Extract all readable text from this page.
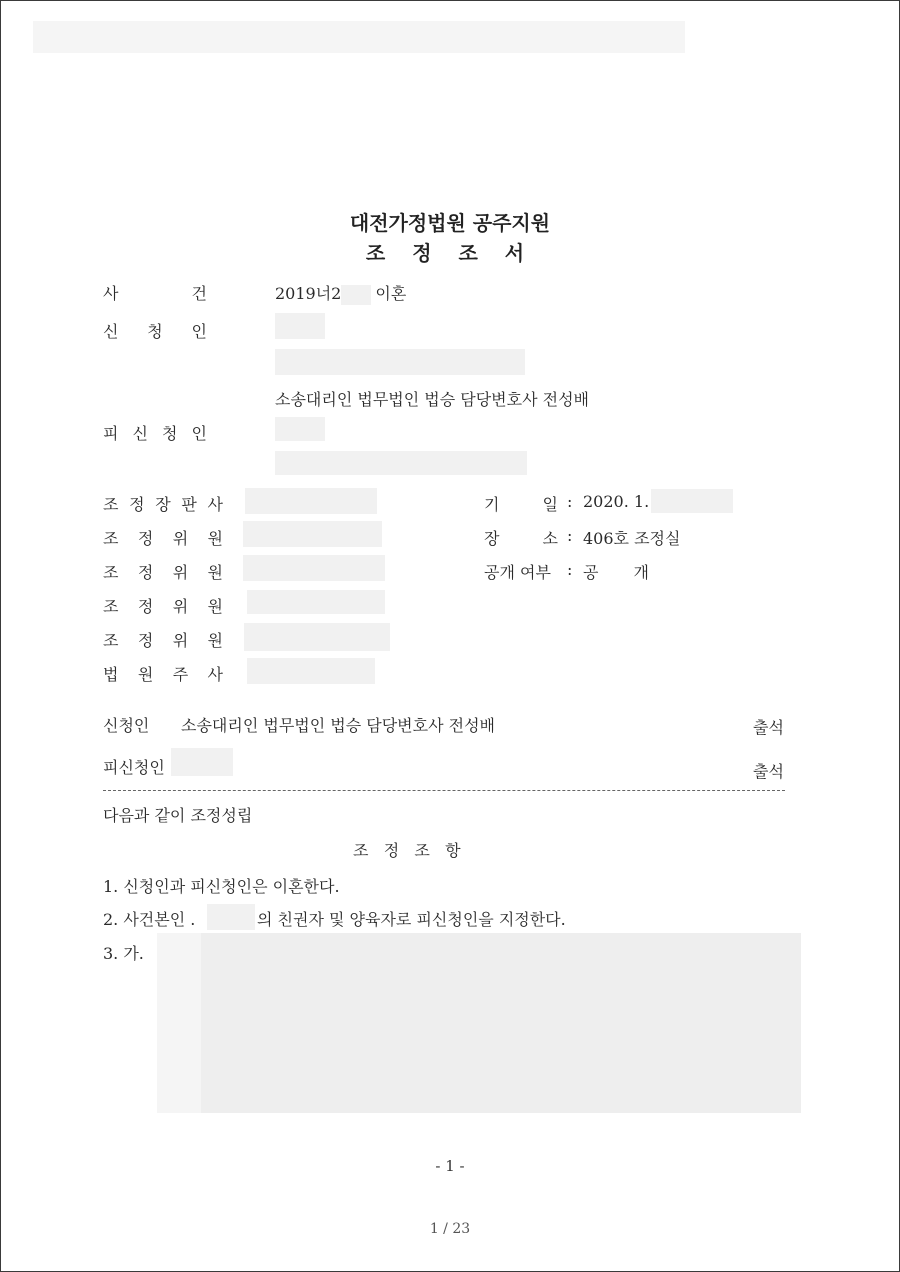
대전가정법원 공주지원
조 정 조 서
사	건	2019너2 이혼
신 청 인
소송대리인 법무법인 법승 담당변호사 전성배
피 신 청 인
조 정 장 판 사
조 정 위 원
조 정 위 원
조 정 위 원
조 정 위 원
법 원 주 사
기	일 : 2020. 1.
장	소 : 406호 조정실
공개 여부 : 공 개
신청인 소송대리인 법무법인 법승 담당변호사 전성배	출석
피신청인	출석
다음과 같이 조정성립
조   정   조   항
1. 신청인과 피신청인은 이혼한다.
2. 사건본인 .	의 친권자 및 양육자로 피신청인을 지정한다.
3. 가.
- 1 -
1 / 23
